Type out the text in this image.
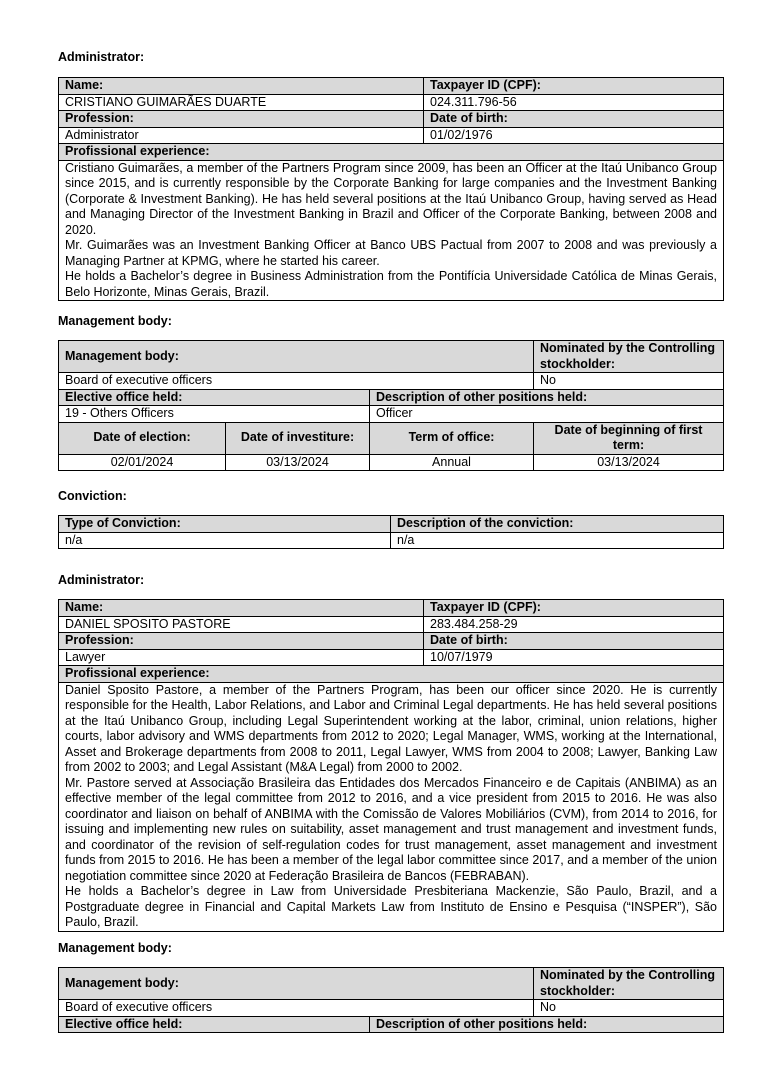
Administrator:
Name:	Taxpayer ID (CPF):
CRISTIANO GUIMARÃES DUARTE	024.311.796-56
Profession:	Date of birth:
Administrator	01/02/1976
Profissional experience:	

Cristiano Guimarães, a member of the Partners Program since 2009, has been an Officer at the Itaú Unibanco Group since 2015, and is currently responsible by the Corporate Banking for large companies and the Investment Banking (Corporate & Investment Banking). He has held several positions at the Itaú Unibanco Group, having served as Head and Managing Director of the Investment Banking in Brazil and Officer of the Corporate Banking, between 2008 and 2020.

Mr. Guimarães was an Investment Banking Officer at Banco UBS Pactual from 2007 to 2008 and was previously a Managing Partner at KPMG, where he started his career.

He holds a Bachelor’s degree in Business Administration from the Pontifícia Universidade Católica de Minas Gerais, Belo Horizonte, Minas Gerais, Brazil.	

Management body:
Management body:			Nominated by the Controlling stockholder:
Board of executive officers			No
Elective office held:		Description of other positions held:	
19 - Others Officers		Officer	
Date of election:	Date of investiture:	Term of office:	Date of beginning of first term:
02/01/2024	03/13/2024	Annual	03/13/2024
Conviction:
Type of Conviction:	Description of the conviction:
n/a	n/a
Administrator:
Name:	Taxpayer ID (CPF):
DANIEL SPOSITO PASTORE	283.484.258-29
Profession:	Date of birth:
Lawyer	10/07/1979
Profissional experience:	

Daniel Sposito Pastore, a member of the Partners Program, has been our officer since 2020. He is currently responsible for the Health, Labor Relations, and Labor and Criminal Legal departments. He has held several positions at the Itaú Unibanco Group, including Legal Superintendent working at the labor, criminal, union relations, higher courts, labor advisory and WMS departments from 2012 to 2020; Legal Manager, WMS, working at the International, Asset and Brokerage departments from 2008 to 2011, Legal Lawyer, WMS from 2004 to 2008; Lawyer, Banking Law from 2002 to 2003; and Legal Assistant (M&A Legal) from 2000 to 2002.

Mr. Pastore served at Associação Brasileira das Entidades dos Mercados Financeiro e de Capitais (ANBIMA) as an effective member of the legal committee from 2012 to 2016, and a vice president from 2015 to 2016. He was also coordinator and liaison on behalf of ANBIMA with the Comissão de Valores Mobiliários (CVM), from 2014 to 2016, for issuing and implementing new rules on suitability, asset management and trust management and investment funds, and coordinator of the revision of self-regulation codes for trust management, asset management and investment funds from 2015 to 2016. He has been a member of the legal labor committee since 2017, and a member of the union negotiation committee since 2020 at Federação Brasileira de Bancos (FEBRABAN).

He holds a Bachelor’s degree in Law from Universidade Presbiteriana Mackenzie, São Paulo, Brazil, and a Postgraduate degree in Financial and Capital Markets Law from Instituto de Ensino e Pesquisa (“INSPER”), São Paulo, Brazil.	

Management body:
Management body:		Nominated by the Controlling stockholder:
Board of executive officers		No
Elective office held:	Description of other positions held:	
